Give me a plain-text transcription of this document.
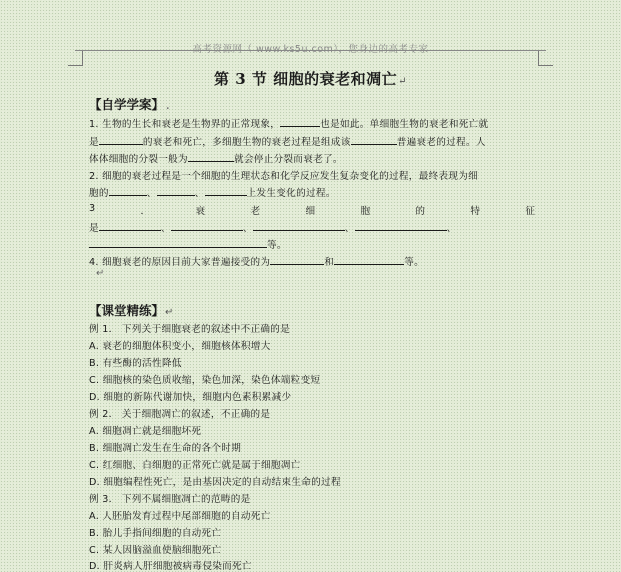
高考资源网（ www.ks5u.com），您身边的高考专家
第 3 节 细胞的衰老和凋亡↵
【自学学案】 .
1. 生物的生长和衰老是生物界的正常现象，	也是如此。单细胞生物的衰老和死亡就
是	的衰老和死亡，多细胞生物的衰老过程是组成该	普遍衰老的过程。人
体体细胞的分裂一般为	就会停止分裂而衰老了。
2. 细胞的衰老过程是一个细胞的生理状态和化学反应发生复杂变化的过程，最终表现为细
胞的	、	、	上发生变化的过程。
3	．	衰	老	细	胞	的	特	征
是	、	、	、	、
等。
4. 细胞衰老的原因目前大家普遍接受的为	和	等。
↵
【课堂精练】↵
例 1． 下列关于细胞衰老的叙述中不正确的是
A. 衰老的细胞体积变小，细胞核体积增大
B. 有些酶的活性降低
C. 细胞核的染色质收缩，染色加深，染色体端粒变短
D. 细胞的新陈代谢加快，细胞内色素积累减少
例 2． 关于细胞凋亡的叙述，不正确的是
A. 细胞凋亡就是细胞坏死
B. 细胞凋亡发生在生命的各个时期
C. 红细胞、白细胞的正常死亡就是属于细胞凋亡
D. 细胞编程性死亡，是由基因决定的自动结束生命的过程
例 3． 下列不属细胞凋亡的范畴的是
A. 人胚胎发育过程中尾部细胞的自动死亡
B. 胎儿手指间细胞的自动死亡
C. 某人因脑溢血使脑细胞死亡
D. 肝炎病人肝细胞被病毒侵染而死亡
